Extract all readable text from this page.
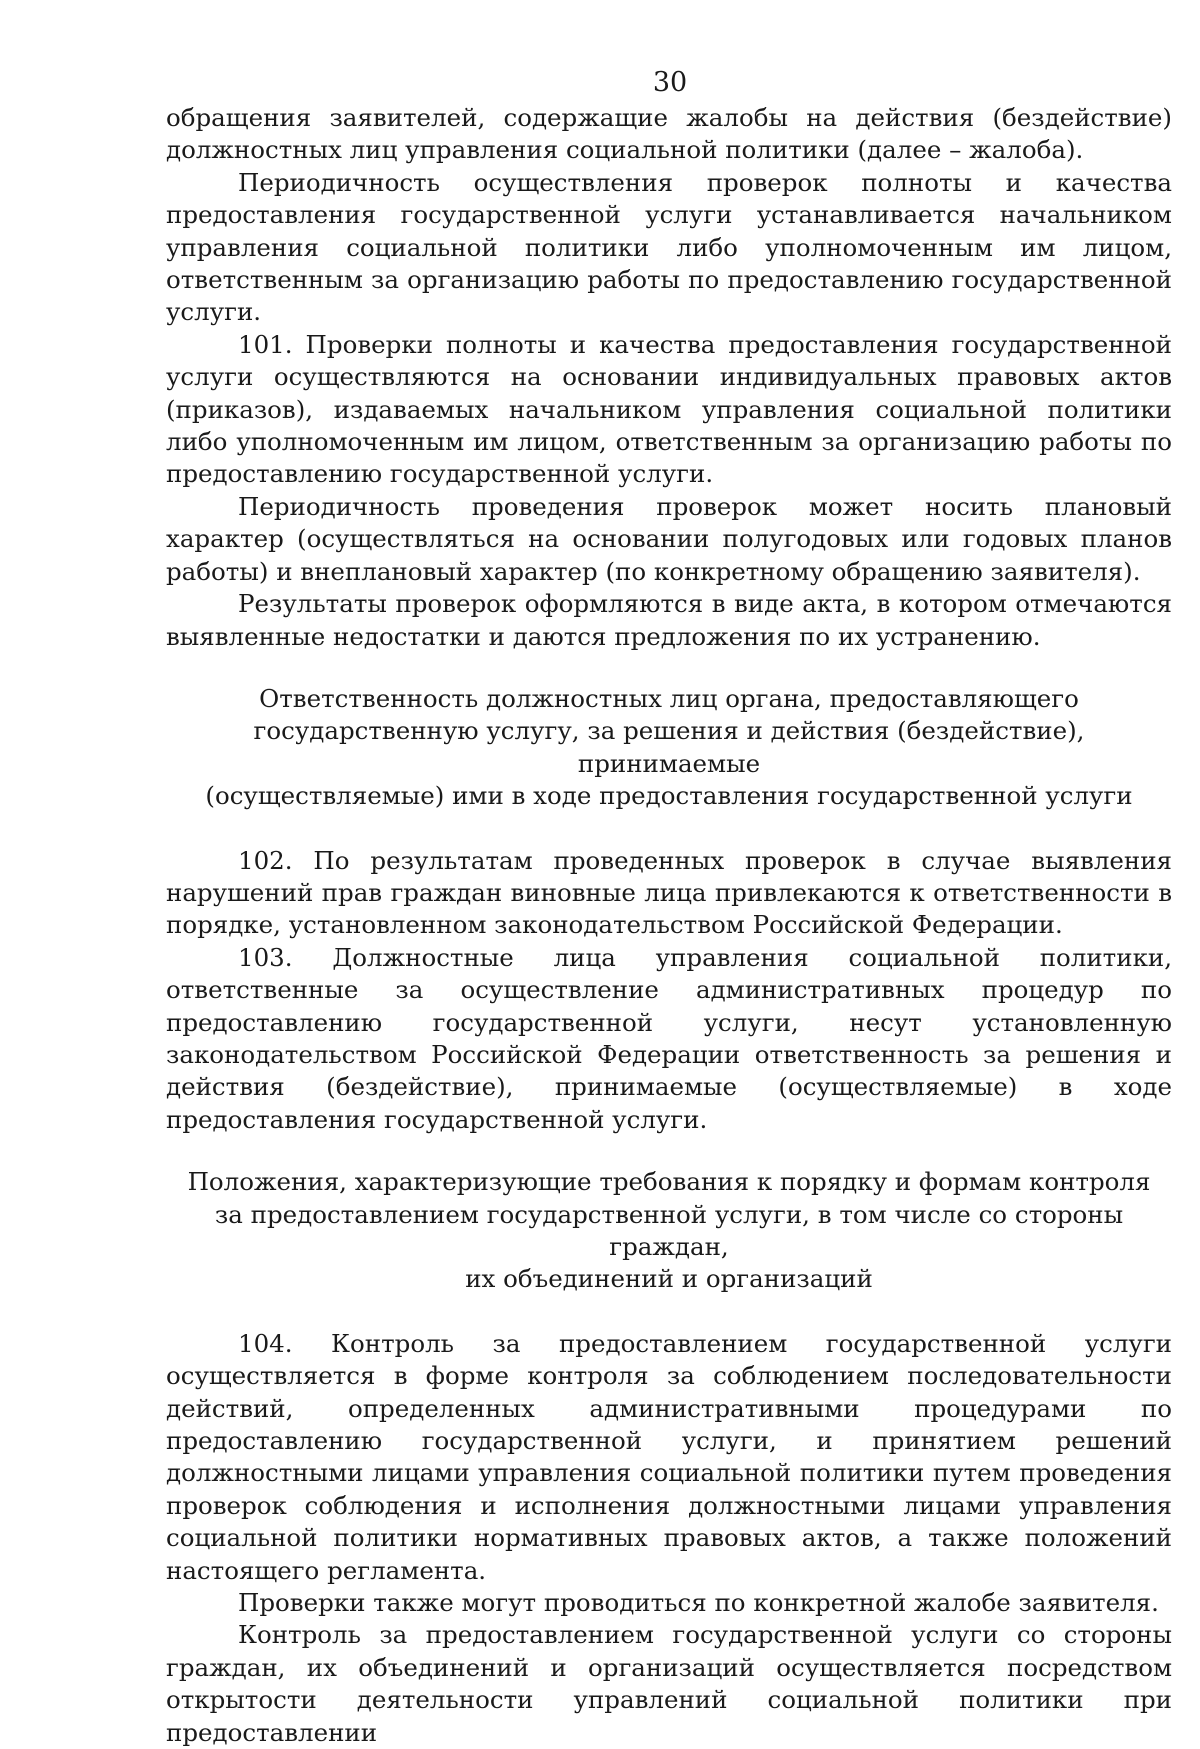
30

обращения заявителей, содержащие жалобы на действия (бездействие) должностных лиц управления социальной политики (далее – жалоба).

Периодичность осуществления проверок полноты и качества предоставления государственной услуги устанавливается начальником управления социальной политики либо уполномоченным им лицом, ответственным за организацию работы по предоставлению государственной услуги.

101. Проверки полноты и качества предоставления государственной услуги осуществляются на основании индивидуальных правовых актов (приказов), издаваемых начальником управления социальной политики либо уполномоченным им лицом, ответственным за организацию работы по предоставлению государственной услуги.

Периодичность проведения проверок может носить плановый характер (осуществляться на основании полугодовых или годовых планов работы) и внеплановый характер (по конкретному обращению заявителя).

Результаты проверок оформляются в виде акта, в котором отмечаются выявленные недостатки и даются предложения по их устранению.

Ответственность должностных лиц органа, предоставляющего

государственную услугу, за решения и действия (бездействие), принимаемые

(осуществляемые) ими в ходе предоставления государственной услуги

102. По результатам проведенных проверок в случае выявления нарушений прав граждан виновные лица привлекаются к ответственности в порядке, установленном законодательством Российской Федерации.

103. Должностные лица управления социальной политики, ответственные за осуществление административных процедур по предоставлению государственной услуги, несут установленную законодательством Российской Федерации ответственность за решения и действия (бездействие), принимаемые (осуществляемые) в ходе предоставления государственной услуги.

Положения, характеризующие требования к порядку и формам контроля

за предоставлением государственной услуги, в том числе со стороны граждан,

их объединений и организаций

104. Контроль за предоставлением государственной услуги осуществляется в форме контроля за соблюдением последовательности действий, определенных административными процедурами по предоставлению государственной услуги, и принятием решений должностными лицами управления социальной политики путем проведения проверок соблюдения и исполнения должностными лицами управления социальной политики нормативных правовых актов, а также положений настоящего регламента.

Проверки также могут проводиться по конкретной жалобе заявителя.

Контроль за предоставлением государственной услуги со стороны граждан, их объединений и организаций осуществляется посредством открытости деятельности управлений социальной политики при предоставлении
